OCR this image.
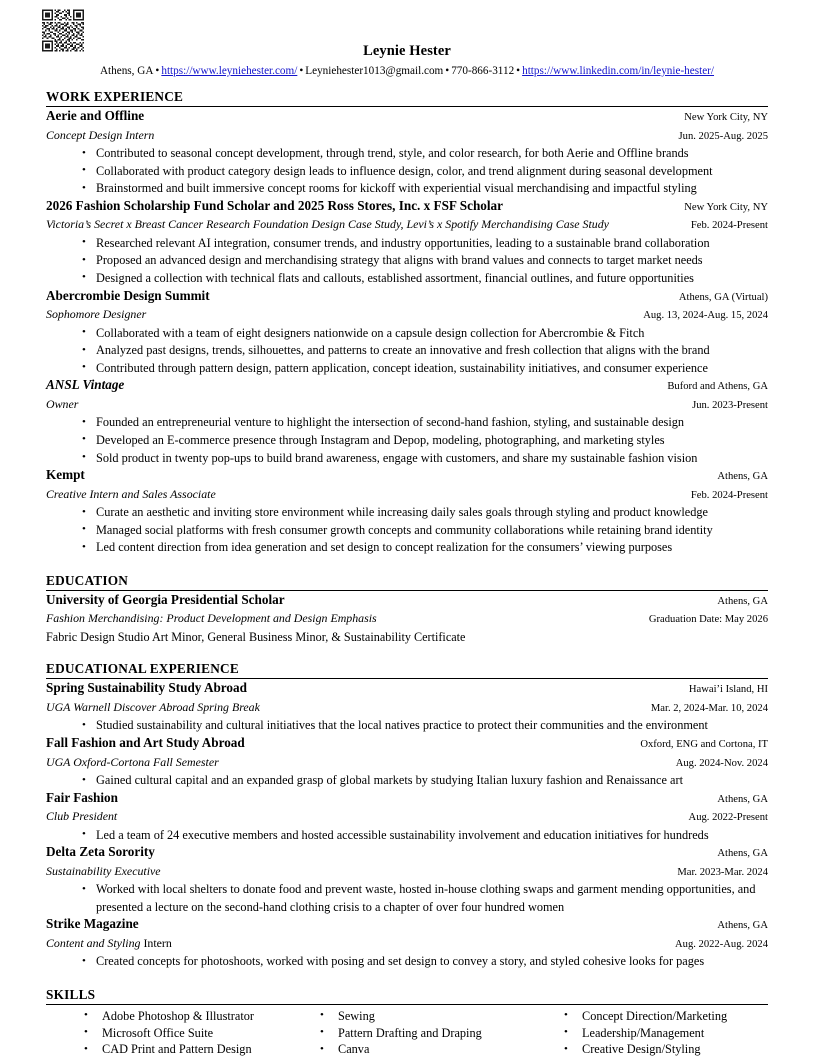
Leynie Hester
Athens, GA • https://www.leyniehester.com/ • Leyniehester1013@gmail.com • 770-866-3112 • https://www.linkedin.com/in/leynie-hester/
WORK EXPERIENCE
Aerie and Offline	New York City, NY
Concept Design Intern	Jun. 2025-Aug. 2025
• Contributed to seasonal concept development, through trend, style, and color research, for both Aerie and Offline brands
• Collaborated with product category design leads to influence design, color, and trend alignment during seasonal development
• Brainstormed and built immersive concept rooms for kickoff with experiential visual merchandising and impactful styling
2026 Fashion Scholarship Fund Scholar and 2025 Ross Stores, Inc. x FSF Scholar	New York City, NY
Victoria’s Secret x Breast Cancer Research Foundation Design Case Study, Levi’s x Spotify Merchandising Case Study	Feb. 2024-Present
• Researched relevant AI integration, consumer trends, and industry opportunities, leading to a sustainable brand collaboration
• Proposed an advanced design and merchandising strategy that aligns with brand values and connects to target market needs
• Designed a collection with technical flats and callouts, established assortment, financial outlines, and future opportunities
Abercrombie Design Summit	Athens, GA (Virtual)
Sophomore Designer	Aug. 13, 2024-Aug. 15, 2024
• Collaborated with a team of eight designers nationwide on a capsule design collection for Abercrombie & Fitch
• Analyzed past designs, trends, silhouettes, and patterns to create an innovative and fresh collection that aligns with the brand
• Contributed through pattern design, pattern application, concept ideation, sustainability initiatives, and consumer experience
ANSL Vintage	Buford and Athens, GA
Owner	Jun. 2023-Present
• Founded an entrepreneurial venture to highlight the intersection of second-hand fashion, styling, and sustainable design
• Developed an E-commerce presence through Instagram and Depop, modeling, photographing, and marketing styles
• Sold product in twenty pop-ups to build brand awareness, engage with customers, and share my sustainable fashion vision
Kempt	Athens, GA
Creative Intern and Sales Associate	Feb. 2024-Present
• Curate an aesthetic and inviting store environment while increasing daily sales goals through styling and product knowledge
• Managed social platforms with fresh consumer growth concepts and community collaborations while retaining brand identity
• Led content direction from idea generation and set design to concept realization for the consumers’ viewing purposes
EDUCATION
University of Georgia Presidential Scholar	Athens, GA
Fashion Merchandising: Product Development and Design Emphasis	Graduation Date: May 2026
Fabric Design Studio Art Minor, General Business Minor, & Sustainability Certificate
EDUCATIONAL EXPERIENCE
Spring Sustainability Study Abroad	Hawai’i Island, HI
UGA Warnell Discover Abroad Spring Break	Mar. 2, 2024-Mar. 10, 2024
• Studied sustainability and cultural initiatives that the local natives practice to protect their communities and the environment
Fall Fashion and Art Study Abroad	Oxford, ENG and Cortona, IT
UGA Oxford-Cortona Fall Semester	Aug. 2024-Nov. 2024
• Gained cultural capital and an expanded grasp of global markets by studying Italian luxury fashion and Renaissance art
Fair Fashion	Athens, GA
Club President	Aug. 2022-Present
• Led a team of 24 executive members and hosted accessible sustainability involvement and education initiatives for hundreds
Delta Zeta Sorority	Athens, GA
Sustainability Executive	Mar. 2023-Mar. 2024
• Worked with local shelters to donate food and prevent waste, hosted in-house clothing swaps and garment mending opportunities, and presented a lecture on the second-hand clothing crisis to a chapter of over four hundred women
Strike Magazine	Athens, GA
Content and Styling Intern	Aug. 2022-Aug. 2024
• Created concepts for photoshoots, worked with posing and set design to convey a story, and styled cohesive looks for pages
SKILLS
• Adobe Photoshop & Illustrator
• Microsoft Office Suite
• CAD Print and Pattern Design
• Sewing
• Pattern Drafting and Draping
• Canva
• Concept Direction/Marketing
• Leadership/Management
• Creative Design/Styling
